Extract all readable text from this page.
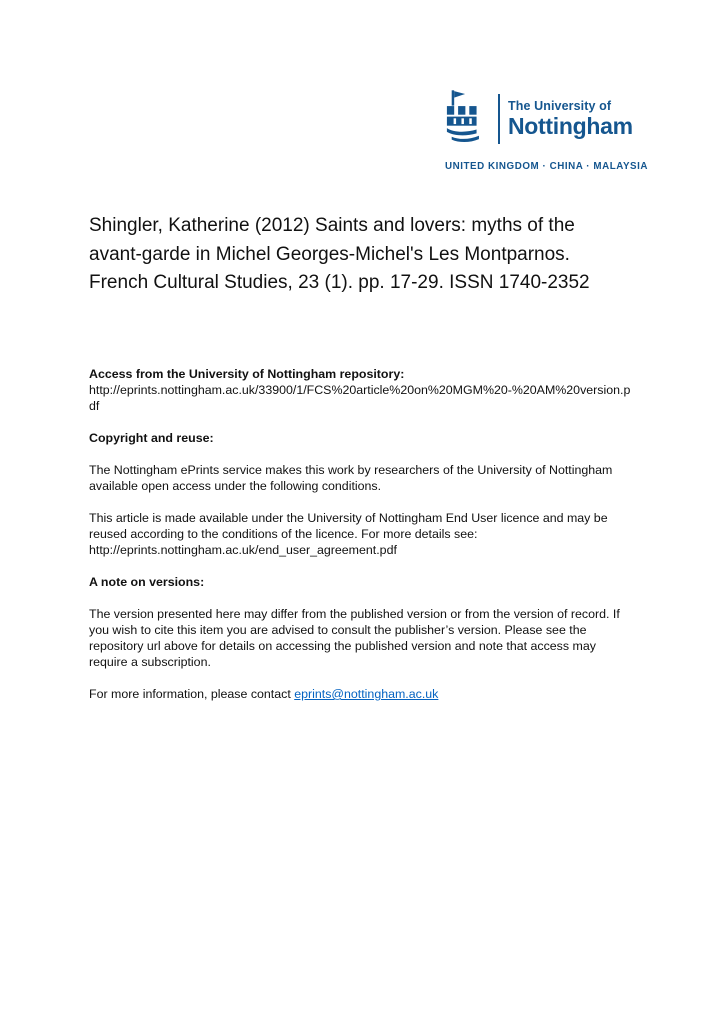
The University of
Nottingham
UNITED KINGDOM · CHINA · MALAYSIA
Shingler, Katherine (2012) Saints and lovers: myths of the avant-garde in Michel Georges-Michel's Les Montparnos. French Cultural Studies, 23 (1). pp. 17-29. ISSN 1740-2352

Access from the University of Nottingham repository:

http://eprints.nottingham.ac.uk/33900/1/FCS%20article%20on%20MGM%20-%20AM%20version.pdf

Copyright and reuse:

The Nottingham ePrints service makes this work by researchers of the University of Nottingham available open access under the following conditions.

This article is made available under the University of Nottingham End User licence and may be reused according to the conditions of the licence. For more details see:
http://eprints.nottingham.ac.uk/end_user_agreement.pdf

A note on versions:

The version presented here may differ from the published version or from the version of record. If you wish to cite this item you are advised to consult the publisher’s version. Please see the repository url above for details on accessing the published version and note that access may require a subscription.

For more information, please contact eprints@nottingham.ac.uk
